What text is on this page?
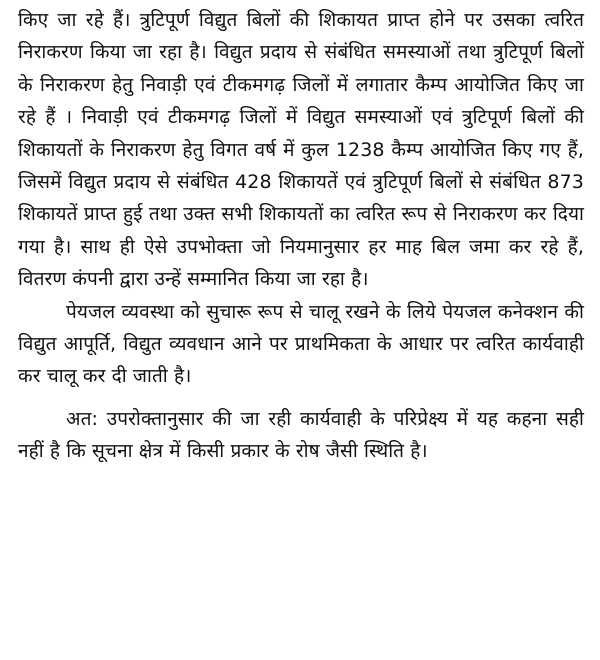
किए जा रहे हैं। त्रुटिपूर्ण विद्युत बिलों की शिकायत प्राप्त होने पर उसका त्वरित निराकरण किया जा रहा है। विद्युत प्रदाय से संबंधित समस्याओं तथा त्रुटिपूर्ण बिलों के निराकरण हेतु निवाड़ी एवं टीकमगढ़ जिलों में लगातार कैम्प आयोजित किए जा रहे हैं । निवाड़ी एवं टीकमगढ़ जिलों में विद्युत समस्याओं एवं त्रुटिपूर्ण बिलों की शिकायतों के निराकरण हेतु विगत वर्ष में कुल 1238 कैम्प आयोजित किए गए हैं, जिसमें विद्युत प्रदाय से संबंधित 428 शिकायतें एवं त्रुटिपूर्ण बिलों से संबंधित 873 शिकायतें प्राप्त हुई तथा उक्त सभी शिकायतों का त्वरित रूप से निराकरण कर दिया गया है। साथ ही ऐसे उपभोक्ता जो नियमानुसार हर माह बिल जमा कर रहे हैं, वितरण कंपनी द्वारा उन्हें सम्मानित किया जा रहा है।

पेयजल व्यवस्था को सुचारू रूप से चालू रखने के लिये पेयजल कनेक्शन की विद्युत आपूर्ति, विद्युत व्यवधान आने पर प्राथमिकता के आधार पर त्वरित कार्यवाही कर चालू कर दी जाती है।

अत: उपरोक्तानुसार की जा रही कार्यवाही के परिप्रेक्ष्य में यह कहना सही नहीं है कि सूचना क्षेत्र में किसी प्रकार के रोष जैसी स्थिति है।
